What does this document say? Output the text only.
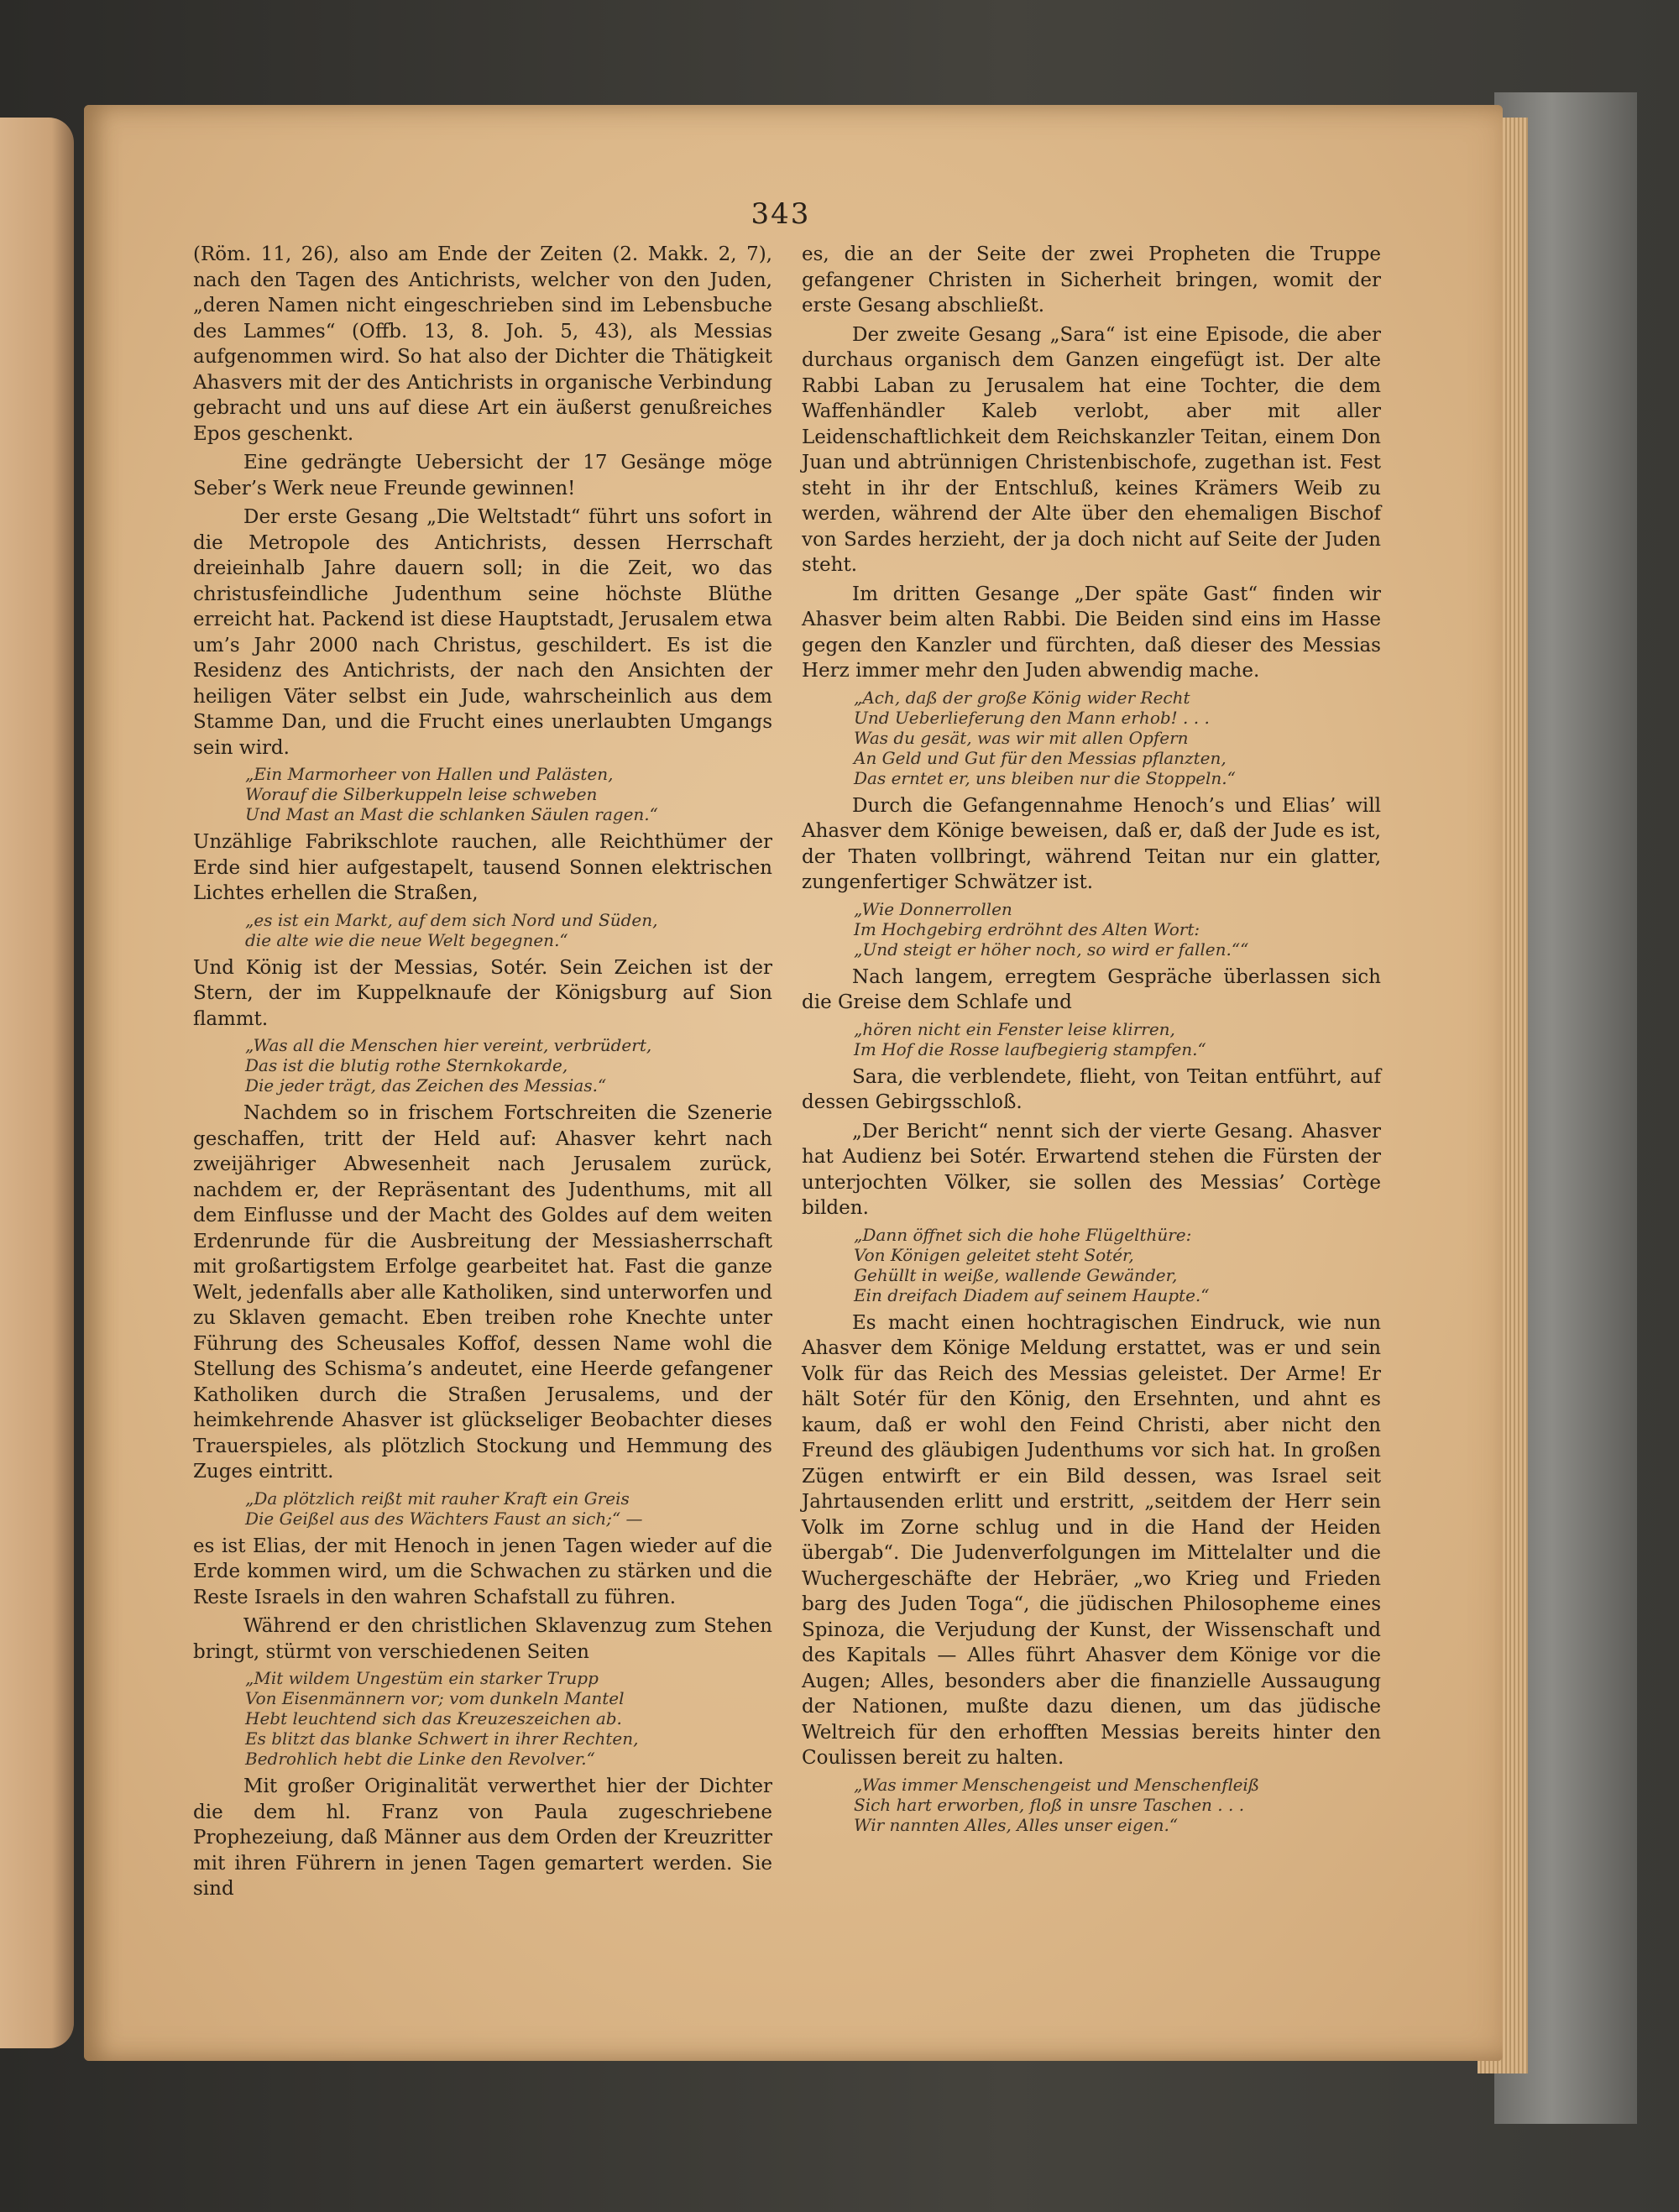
343

(Röm. 11, 26), also am Ende der Zeiten (2. Makk. 2, 7), nach den Tagen des Antichrists, welcher von den Juden, „deren Namen nicht eingeschrieben sind im Lebensbuche des Lammes“ (Offb. 13, 8. Joh. 5, 43), als Messias aufgenommen wird. So hat also der Dichter die Thätigkeit Ahasvers mit der des Antichrists in organische Verbindung gebracht und uns auf diese Art ein äußerst genußreiches Epos geschenkt.

Eine gedrängte Uebersicht der 17 Gesänge möge Seber’s Werk neue Freunde gewinnen!

Der erste Gesang „Die Weltstadt“ führt uns sofort in die Metropole des Antichrists, dessen Herrschaft dreieinhalb Jahre dauern soll; in die Zeit, wo das christusfeindliche Judenthum seine höchste Blüthe erreicht hat. Packend ist diese Hauptstadt, Jerusalem etwa um’s Jahr 2000 nach Christus, geschildert. Es ist die Residenz des Antichrists, der nach den Ansichten der heiligen Väter selbst ein Jude, wahrscheinlich aus dem Stamme Dan, und die Frucht eines unerlaubten Umgangs sein wird.

„Ein Marmorheer von Hallen und Palästen,
Worauf die Silberkuppeln leise schweben
Und Mast an Mast die schlanken Säulen ragen.“

Unzählige Fabrikschlote rauchen, alle Reichthümer der Erde sind hier aufgestapelt, tausend Sonnen elektrischen Lichtes erhellen die Straßen,

„es ist ein Markt, auf dem sich Nord und Süden,
die alte wie die neue Welt begegnen.“

Und König ist der Messias, Sotér. Sein Zeichen ist der Stern, der im Kuppelknaufe der Königsburg auf Sion flammt.

„Was all die Menschen hier vereint, verbrüdert,
Das ist die blutig rothe Sternkokarde,
Die jeder trägt, das Zeichen des Messias.“

Nachdem so in frischem Fortschreiten die Szenerie geschaffen, tritt der Held auf: Ahasver kehrt nach zweijähriger Abwesenheit nach Jerusalem zurück, nachdem er, der Repräsentant des Judenthums, mit all dem Einflusse und der Macht des Goldes auf dem weiten Erdenrunde für die Ausbreitung der Messiasherrschaft mit großartigstem Erfolge gearbeitet hat. Fast die ganze Welt, jedenfalls aber alle Katholiken, sind unterworfen und zu Sklaven gemacht. Eben treiben rohe Knechte unter Führung des Scheusales Koffof, dessen Name wohl die Stellung des Schisma’s andeutet, eine Heerde gefangener Katholiken durch die Straßen Jerusalems, und der heimkehrende Ahasver ist glückseliger Beobachter dieses Trauerspieles, als plötzlich Stockung und Hemmung des Zuges eintritt.

„Da plötzlich reißt mit rauher Kraft ein Greis
Die Geißel aus des Wächters Faust an sich;“ —

es ist Elias, der mit Henoch in jenen Tagen wieder auf die Erde kommen wird, um die Schwachen zu stärken und die Reste Israels in den wahren Schafstall zu führen.

Während er den christlichen Sklavenzug zum Stehen bringt, stürmt von verschiedenen Seiten

„Mit wildem Ungestüm ein starker Trupp
Von Eisenmännern vor; vom dunkeln Mantel
Hebt leuchtend sich das Kreuzeszeichen ab.
Es blitzt das blanke Schwert in ihrer Rechten,
Bedrohlich hebt die Linke den Revolver.“

Mit großer Originalität verwerthet hier der Dichter die dem hl. Franz von Paula zugeschriebene Prophezeiung, daß Männer aus dem Orden der Kreuzritter mit ihren Führern in jenen Tagen gemartert werden. Sie sind

es, die an der Seite der zwei Propheten die Truppe gefangener Christen in Sicherheit bringen, womit der erste Gesang abschließt.

Der zweite Gesang „Sara“ ist eine Episode, die aber durchaus organisch dem Ganzen eingefügt ist. Der alte Rabbi Laban zu Jerusalem hat eine Tochter, die dem Waffenhändler Kaleb verlobt, aber mit aller Leidenschaftlichkeit dem Reichskanzler Teitan, einem Don Juan und abtrünnigen Christenbischofe, zugethan ist. Fest steht in ihr der Entschluß, keines Krämers Weib zu werden, während der Alte über den ehemaligen Bischof von Sardes herzieht, der ja doch nicht auf Seite der Juden steht.

Im dritten Gesange „Der späte Gast“ finden wir Ahasver beim alten Rabbi. Die Beiden sind eins im Hasse gegen den Kanzler und fürchten, daß dieser des Messias Herz immer mehr den Juden abwendig mache.

„Ach, daß der große König wider Recht
Und Ueberlieferung den Mann erhob! . . .
Was du gesät, was wir mit allen Opfern
An Geld und Gut für den Messias pflanzten,
Das erntet er, uns bleiben nur die Stoppeln.“

Durch die Gefangennahme Henoch’s und Elias’ will Ahasver dem Könige beweisen, daß er, daß der Jude es ist, der Thaten vollbringt, während Teitan nur ein glatter, zungenfertiger Schwätzer ist.

„Wie Donnerrollen
Im Hochgebirg erdröhnt des Alten Wort:
„Und steigt er höher noch, so wird er fallen.““

Nach langem, erregtem Gespräche überlassen sich die Greise dem Schlafe und

„hören nicht ein Fenster leise klirren,
Im Hof die Rosse laufbegierig stampfen.“

Sara, die verblendete, flieht, von Teitan entführt, auf dessen Gebirgsschloß.

„Der Bericht“ nennt sich der vierte Gesang. Ahasver hat Audienz bei Sotér. Erwartend stehen die Fürsten der unterjochten Völker, sie sollen des Messias’ Cortège bilden.

„Dann öffnet sich die hohe Flügelthüre:
Von Königen geleitet steht Sotér,
Gehüllt in weiße, wallende Gewänder,
Ein dreifach Diadem auf seinem Haupte.“

Es macht einen hochtragischen Eindruck, wie nun Ahasver dem Könige Meldung erstattet, was er und sein Volk für das Reich des Messias geleistet. Der Arme! Er hält Sotér für den König, den Ersehnten, und ahnt es kaum, daß er wohl den Feind Christi, aber nicht den Freund des gläubigen Judenthums vor sich hat. In großen Zügen entwirft er ein Bild dessen, was Israel seit Jahrtausenden erlitt und erstritt, „seitdem der Herr sein Volk im Zorne schlug und in die Hand der Heiden übergab“. Die Judenverfolgungen im Mittelalter und die Wuchergeschäfte der Hebräer, „wo Krieg und Frieden barg des Juden Toga“, die jüdischen Philosopheme eines Spinoza, die Verjudung der Kunst, der Wissenschaft und des Kapitals — Alles führt Ahasver dem Könige vor die Augen; Alles, besonders aber die finanzielle Aussaugung der Nationen, mußte dazu dienen, um das jüdische Weltreich für den erhofften Messias bereits hinter den Coulissen bereit zu halten.

„Was immer Menschengeist und Menschenfleiß
Sich hart erworben, floß in unsre Taschen . . .
Wir nannten Alles, Alles unser eigen.“
